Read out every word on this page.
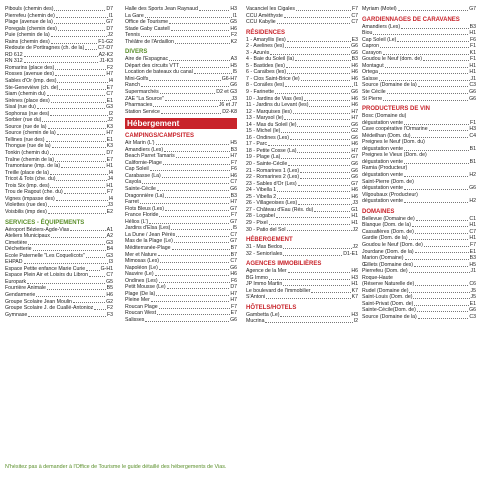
Pibouls (chemin des)	D7
Pierrefeu (chemin de)	I1
Plage (avenue de la)	G7
Poregals (chemin des)	D7
Puie (chemin de la)	J2
Rains (chemin des)	F1-G2
Redoute de Portiragnes (ch. de la)	C7-D7
RD 612	A2-K2
RN 312	J1-K3
Romarins (place des)	F2
Rosses (avenue des)	H7
Sables d'Or (imp. des)	I4
Ste-Geneviève (ch. de)	E7
Siam (chemin du)	C7
Sirènes (place des)	E1
Sisal (rue du)	G3
Sophoras (rue des)	I2
Sorbier (rue du)	J2
Source (rue de la)	K3
Source (chemin de la)	H7
Tellines (rue des)	E1
Thongue (rue de la)	K3
Tonkin (chemin du)	D7
Traîne (chemin de la)	E7
Tramontane (imp. de la)	H1
Treille (place de la)	I4
Tricot & Tots (che. du)	J4
Trois Six (imp. des)	H1
Trou de Ragout (che. du)	F7
Vignes (impasse des)	I4
Violettes (rue des)	J3
Voisbilis (imp des)	E2
SERVICES - ÉQUIPEMENTS
Aéroport Béziers-Agde-Vias	A1
Ateliers Municipaux	A2
Cimetière	G3
Déchetterie	B4
Ecole Paternelle "Les Coquelicots"	G3
EHPAD	I3
Espace Petite enfance Marie Curie	G-H1
Espace Plein Air et Loisirs du Libron	C7
Europark	G5
Fourrière Animale	B5
Gendarmerie	H6
Groupe Scolaire Jean Moulin	G2
Groupe Scolaire J. de Cuallé-Antonioz	F2
Gymnase	F3
Halle des Sports Jean Raynaud	H3
La Gare	I1
Office de Tourisme	G5
Stade Gaby Castell	H6
Tennis	F2
Théâtre de l'Ardaillon	K2
DIVERS
Aire de l'Espagnac	A3
Départ des circuits VTT	H5
Location de bateaux du canal	I5
Mini-Golfs	G6-H7
Ranch	G6
Supermarchés	D2 et G3
ZAE "La Source"	J3
Pharmacies	J6 et J7
Station Service	D2-K8
Hébergement
CAMPINGS/CAMPSITES
Air Marin (L')	H5
Amandiers (Les)	B3
Beach Parret Tamaris	H7
Californie-Plage	F7
Cap Soleil	F6
Carabasse (La)	H6
Cayola	C7
Sainte-Cécile	G6
Dragonnière (La)	B3
Farret	H7
Flots Bleus (Les)	G7
France Floride	F7
Hélios (L')	G7
Jardins d'Elsa (Les)	I5
La Dune / Jean Pérès	C7
Mas de la Plage (Le)	G7
Méditerranée-Plage	B7
Mer et Nature	B7
Mimosas (Les)	C7
Napoléon (Le)	G6
Nauvire (Le)	H6
Ondines (Les)	F6
Petit Mousse (Le)	D7
Plage (De la)	H7
Pleine Mer	H7
Roucan Plage	F7
Roucan West	E7
Salisses	G6
Vacanciel les Cigales	F7
CCU Améthyste	C7
CCU Kabylie	C7
RÉSIDENCES
1 - Amaryllis (les)	E3
2 - Avelines (les)	G6
3 - Azurés	G6
4 - Baie du Soleil (la)	B3
5 - Bastides (les)	H6
6 - Caraïbes (les)	H6
7 - Clos Saint-Brice (le)	H6
8 - Coraïles (les)	I1
9 - Farinette	G6
10 - Jardins de Vias (les)	H6
11 - Jardins du Levant (les)	H6
12 - Marquises (les)	H7
13 - Marysol (le)	H7
14 - Mas du Soleil (le)	G6
15 - Michel (le)	G2
16 - Ondines (Les)	G6
17 - Parc	H6
18 - Petite Cosse (La)	H7
19 - Plage (La)	G7
20 - Sainte-Cécile	G6
21 - Romarines 1 (Les)	G6
22 - Romarines 2 (Les)	G6
23 - Sables d'Or (Les)	G7
24 - Vibella 1	H6
25 - Vibella 2	H6
26 - Villageoises (Les)	J3
27 - Château d'Eau (Rés. du)	G1
28 - Logabel	H1
29 - Pixel	H1
30 - Patio del Sol	J2
HÉBERGEMENT
31 - Mas Bedos	J2
32 - Seniorïales	D1-E1
AGENCES IMMOBILIÈRES
Agence de la Mer	H6
BG Immo	H3
JP Immo Martin	H1
Le boulevard de l'immobilier	K7
S'Antoni	K7
HÔTELS/HOTELS
Gambetta (Le)	H3
Mucrina	I2
Myriam (Motel)	G7
GARDIENNAGES DE CARAVANES
Amandiers (Les)	B3
Biou	H1
Cap Soleil (Le)	F6
Capron	F1
Carayon	K1
Goudou le Neuf (dom. de)	F1
Montagut	H1
Ortega	H1
Saïsse	J1
Source (Domaine de la)	C3
Ste Cécile	G6
St Pierre	G6
PRODUCTEURS DE VIN
Bosc (Domaine du)
dégustation vente	F1
Cave coopérative l'Ormarine	H3
Médeilhan (Dom. du)	C4
Preignes le Neuf (Dom. du)
dégustation vente	B1
Preignes le Vieux (Dom. de)
dégustation vente	B1
Ramia (Producteur)
dégustation vente	H2
Saint-Pierre (Dom. de)
dégustation vente	G6
Vilgoubaux (Producteur)
dégustation vente	H2
DOMAINES
Bellevue (Domaine de)	C1
Blanque (Dom. de la)	H1
Cassafières (Dom. de)	C7
Gardie (Dom. de la)	H1
Goudou le Neuf (Dom. de)	F7
Jourdane (Dom. de la)	E1
Marion (Domaine)	B3
Œillets (Domaine des)	H5
Pierrefeu (Dom. de)	J1
Roque-Haute
(Réserve Naturelle de)	C6
Rudel (Domaine de)	J5
Saint-Louis (Dom. de)	J5
Saint-Privat (Dom. de)	E1
Sainte-Cécile(Dom. de)	G6
Source (Domaine de la)	C3
N'hésitez pas à demander à l'Office de Tourisme le guide détaillé des hébergements de Vias.
